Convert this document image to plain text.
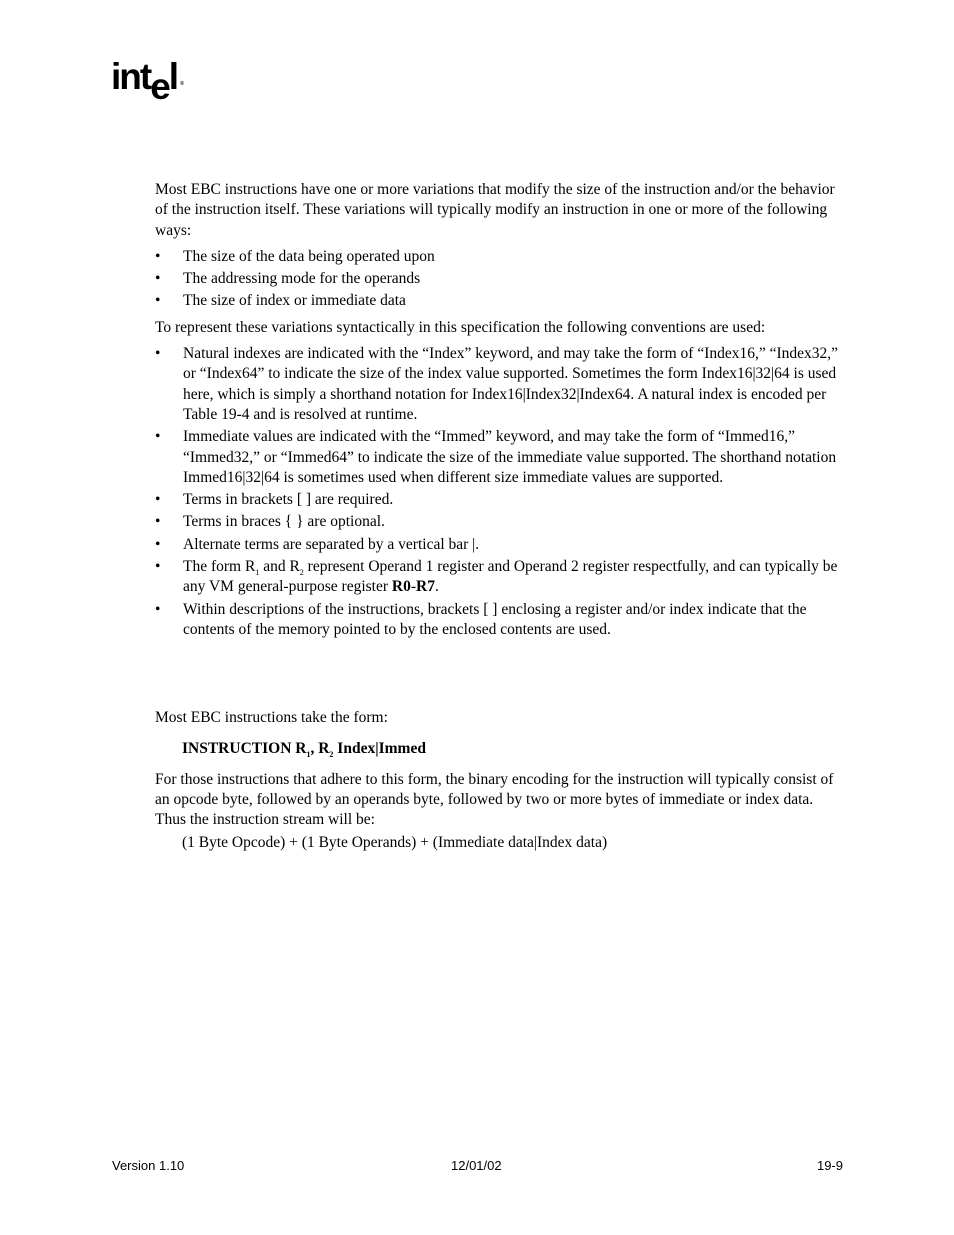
intel ®

Most EBC instructions have one or more variations that modify the size of the instruction and/or the behavior of the instruction itself. These variations will typically modify an instruction in one or more of the following ways:

• The size of the data being operated upon
• The addressing mode for the operands
• The size of index or immediate data

To represent these variations syntactically in this specification the following conventions are used:

• Natural indexes are indicated with the “Index” keyword, and may take the form of “Index16,” “Index32,” or “Index64” to indicate the size of the index value supported. Sometimes the form Index16|32|64 is used here, which is simply a shorthand notation for Index16|Index32|Index64. A natural index is encoded per Table 19-4 and is resolved at runtime.
• Immediate values are indicated with the “Immed” keyword, and may take the form of “Immed16,” “Immed32,” or “Immed64” to indicate the size of the immediate value supported. The shorthand notation Immed16|32|64 is sometimes used when different size immediate values are supported.
• Terms in brackets [ ] are required.
• Terms in braces { } are optional.
• Alternate terms are separated by a vertical bar |.
• The form $R_1$ and $R_2$ represent Operand 1 register and Operand 2 register respectfully, and can typically be any VM general-purpose register R0-R7.
• Within descriptions of the instructions, brackets [ ] enclosing a register and/or index indicate that the contents of the memory pointed to by the enclosed contents are used.

Most EBC instructions take the form:

INSTRUCTION $R_1$, $R_2$ Index|Immed

For those instructions that adhere to this form, the binary encoding for the instruction will typically consist of an opcode byte, followed by an operands byte, followed by two or more bytes of immediate or index data. Thus the instruction stream will be:

(1 Byte Opcode) + (1 Byte Operands) + (Immediate data|Index data)
Version 1.10	12/01/02	19-9
